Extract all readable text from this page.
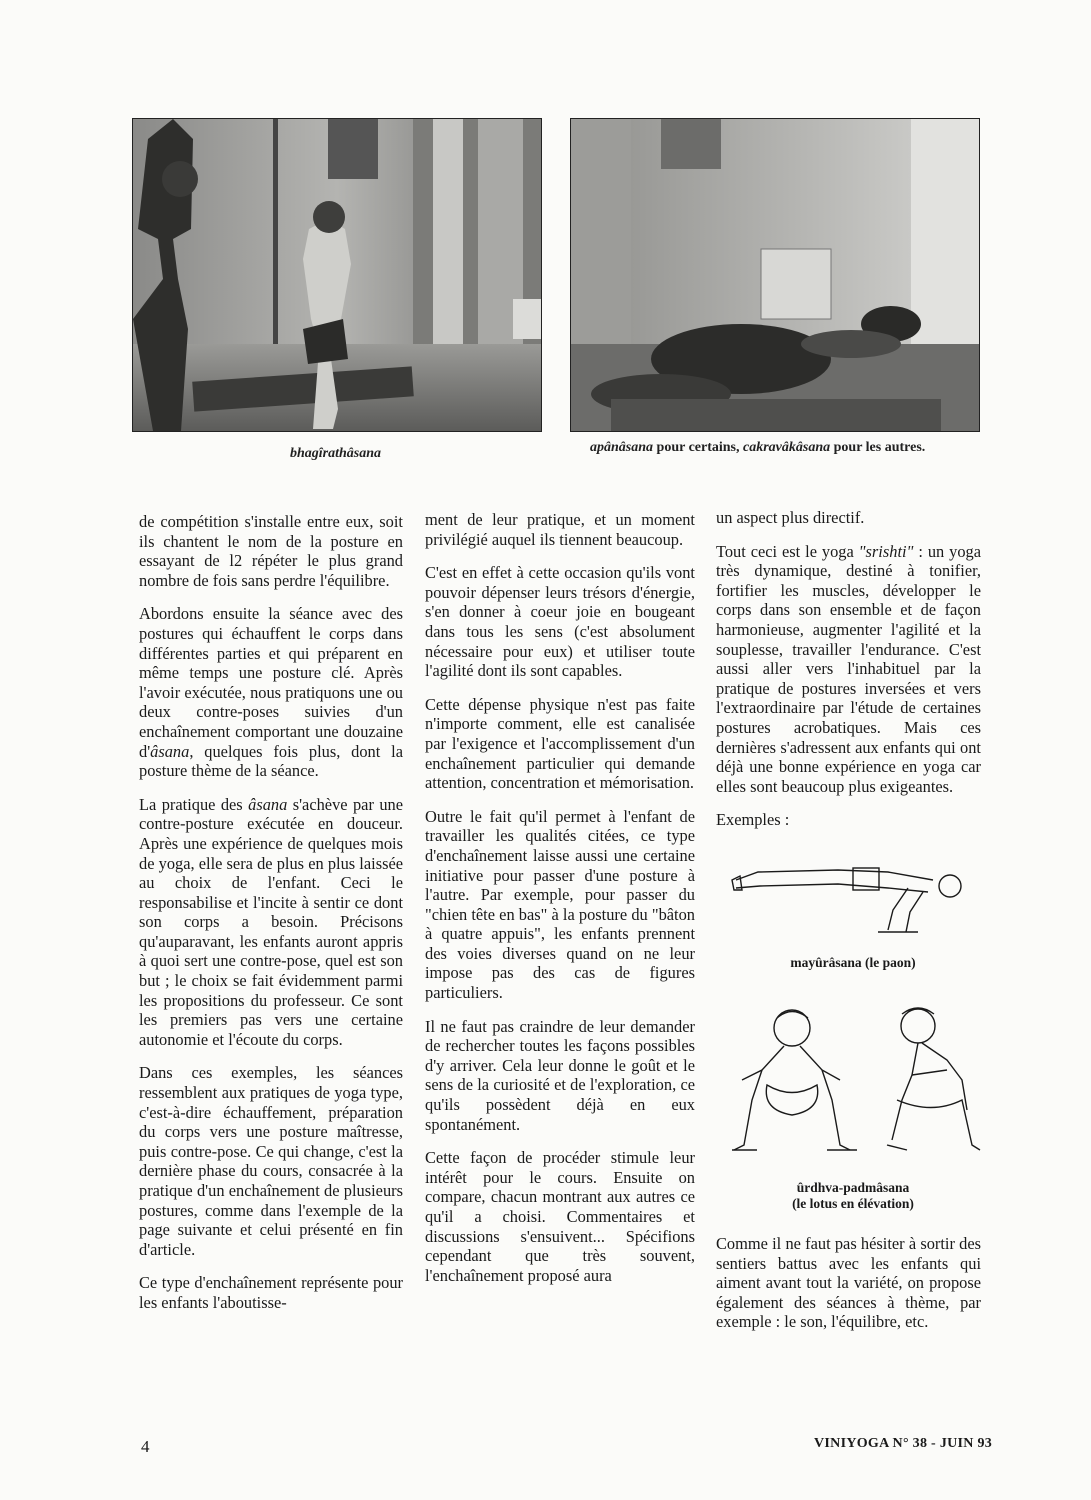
bhagîrathâsana	apânâsana pour certains, cakravâkâsana pour les autres.

de compétition s'installe entre eux, soit ils chantent le nom de la posture en essayant de l2 répéter le plus grand nombre de fois sans perdre l'équilibre.

Abordons ensuite la séance avec des postures qui échauffent le corps dans différentes parties et qui préparent en même temps une posture clé. Après l'avoir exécutée, nous pratiquons une ou deux contre-poses suivies d'un enchaînement comportant une douzaine d'âsana, quelques fois plus, dont la posture thème de la séance.

La pratique des âsana s'achève par une contre-posture exécutée en douceur. Après une expérience de quelques mois de yoga, elle sera de plus en plus laissée au choix de l'enfant. Ceci le responsabilise et l'incite à sentir ce dont son corps a besoin. Précisons qu'auparavant, les enfants auront appris à quoi sert une contre-pose, quel est son but ; le choix se fait évidemment parmi les propositions du professeur. Ce sont les premiers pas vers une certaine autonomie et l'écoute du corps.

Dans ces exemples, les séances ressemblent aux pratiques de yoga type, c'est-à-dire échauffement, préparation du corps vers une posture maîtresse, puis contre-pose. Ce qui change, c'est la dernière phase du cours, consacrée à la pratique d'un enchaînement de plusieurs postures, comme dans l'exemple de la page suivante et celui présenté en fin d'article.

Ce type d'enchaînement représente pour les enfants l'aboutisse-

ment de leur pratique, et un moment privilégié auquel ils tiennent beaucoup.

C'est en effet à cette occasion qu'ils vont pouvoir dépenser leurs trésors d'énergie, s'en donner à coeur joie en bougeant dans tous les sens (c'est absolument nécessaire pour eux) et utiliser toute l'agilité dont ils sont capables.

Cette dépense physique n'est pas faite n'importe comment, elle est canalisée par l'exigence et l'accomplissement d'un enchaînement particulier qui demande attention, concentration et mémorisation.

Outre le fait qu'il permet à l'enfant de travailler les qualités citées, ce type d'enchaînement laisse aussi une certaine initiative pour passer d'une posture à l'autre. Par exemple, pour passer du "chien tête en bas" à la posture du "bâton à quatre appuis", les enfants prennent des voies diverses quand on ne leur impose pas des cas de figures particuliers.

Il ne faut pas craindre de leur demander de rechercher toutes les façons possibles d'y arriver. Cela leur donne le goût et le sens de la curiosité et de l'exploration, ce qu'ils possèdent déjà en eux spontanément.

Cette façon de procéder stimule leur intérêt pour le cours. Ensuite on compare, chacun montrant aux autres ce qu'il a choisi. Commentaires et discussions s'ensuivent... Spécifions cependant que très souvent, l'enchaînement proposé aura

un aspect plus directif.

Tout ceci est le yoga "srishti" : un yoga très dynamique, destiné à tonifier, fortifier les muscles, développer le corps dans son ensemble et de façon harmonieuse, augmenter l'agilité et la souplesse, travailler l'endurance. C'est aussi aller vers l'inhabituel par la pratique de postures inversées et vers l'extraordinaire par l'étude de certaines postures acrobatiques. Mais ces dernières s'adressent aux enfants qui ont déjà une bonne expérience en yoga car elles sont beaucoup plus exigeantes.

Exemples :

mayûrâsana (le paon)
ûrdhva-padmâsana
(le lotus en élévation)

Comme il ne faut pas hésiter à sortir des sentiers battus avec les enfants qui aiment avant tout la variété, on propose également des séances à thème, par exemple : le son, l'équilibre, etc.

4	VINIYOGA N° 38 - JUIN 93
